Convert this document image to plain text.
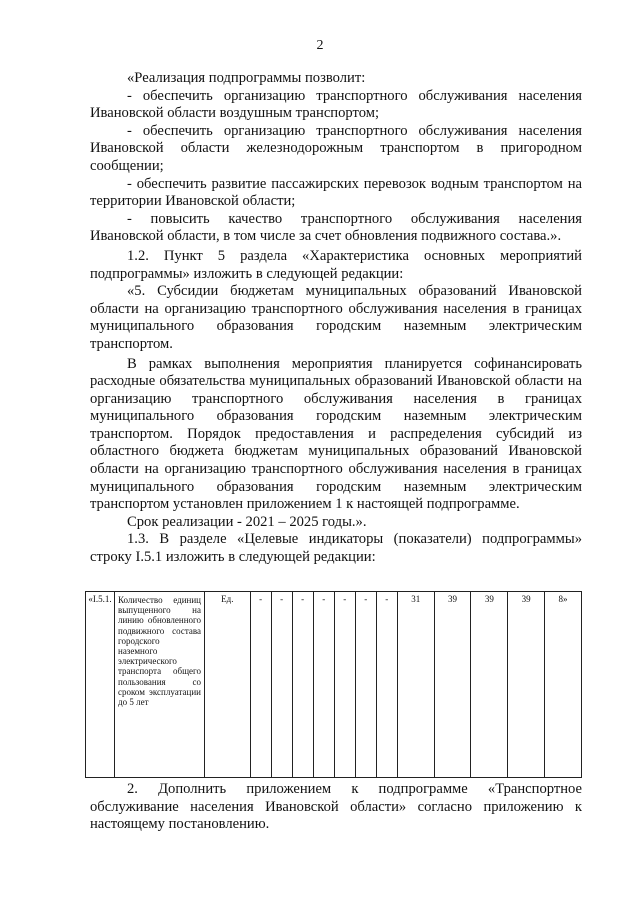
2

«Реализация подпрограммы позволит:

- обеспечить организацию транспортного обслуживания населения Ивановской области воздушным транспортом;

- обеспечить организацию транспортного обслуживания населения Ивановской области железнодорожным транспортом в пригородном сообщении;

- обеспечить развитие пассажирских перевозок водным транспортом на территории Ивановской области;

- повысить качество транспортного обслуживания населения Ивановской области, в том числе за счет обновления подвижного состава.».

1.2. Пункт 5 раздела «Характеристика основных мероприятий подпрограммы» изложить в следующей редакции:

«5. Субсидии бюджетам муниципальных образований Ивановской области на организацию транспортного обслуживания населения в границах муниципального образования городским наземным электрическим транспортом.

В рамках выполнения мероприятия планируется софинансировать расходные обязательства муниципальных образований Ивановской области на организацию транспортного обслуживания населения в границах муниципального образования городским наземным электрическим транспортом. Порядок предоставления и распределения субсидий из областного бюджета бюджетам муниципальных образований Ивановской области на организацию транспортного обслуживания населения в границах муниципального образования городским наземным электрическим транспортом установлен приложением 1 к настоящей подпрограмме.

Срок реализации - 2021 – 2025 годы.».

1.3. В разделе «Целевые индикаторы (показатели) подпрограммы» строку I.5.1 изложить в следующей редакции:

«I.5.1.	Количество единиц выпущенного на линию обновленного подвижного состава городского наземного электрического транспорта общего пользования со сроком эксплуатации до 5 лет	Ед.	-	-	-	-	-	-	-	31	39	39	39	8»

2. Дополнить приложением к подпрограмме «Транспортное обслуживание населения Ивановской области» согласно приложению к настоящему постановлению.
